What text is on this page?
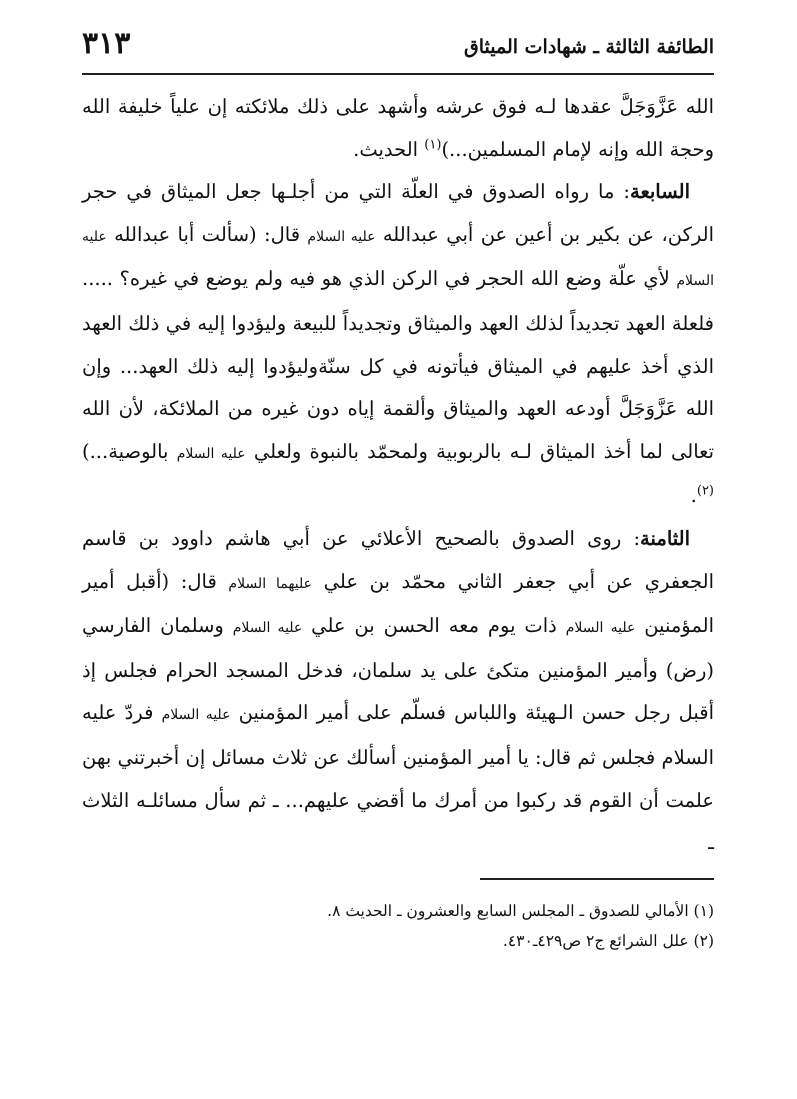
الطائفة الثالثة ـ شهادات الميثاق
٣١٣

الله عَزَّوَجَلَّ عقدها لـه فوق عرشه وأشهد على ذلك ملائكته إن علياً خليفة الله وحجة الله وإنه لإمام المسلمين...)$^{(١)}$ الحديث.

السابعة: ما رواه الصدوق في العلّة التي من أجلـها جعل الميثاق في حجر الركن، عن بكير بن أعين عن أبي عبدالله عليه السلام قال: (سألت أبا عبدالله عليه السلام لأي علّة وضع الله الحجر في الركن الذي هو فيه ولم يوضع في غيره؟ ..... فلعلة العهد تجديداً لذلك العهد والميثاق وتجديداً للبيعة وليؤدوا إليه في ذلك العهد الذي أخذ عليهم في الميثاق فيأتونه في كل سنّةوليؤدوا إليه ذلك العهد... وإن الله عَزَّوَجَلَّ أودعه العهد والميثاق وألقمة إياه دون غيره من الملائكة، لأن الله تعالى لما أخذ الميثاق لـه بالربوبية ولمحمّد بالنبوة ولعلي عليه السلام بالوصية...)$^{(٢)}$.

الثامنة: روى الصدوق بالصحيح الأعلائي عن أبي هاشم داوود بن قاسم الجعفري عن أبي جعفر الثاني محمّد بن علي عليهما السلام قال: (أقبل أمير المؤمنين عليه السلام ذات يوم معه الحسن بن علي عليه السلام وسلمان الفارسي (رض) وأمير المؤمنين متكئ على يد سلمان، فدخل المسجد الحرام فجلس إذ أقبل رجل حسن الـهيئة واللباس فسلّم على أمير المؤمنين عليه السلام فردّ عليه السلام فجلس ثم قال: يا أمير المؤمنين أسألك عن ثلاث مسائل إن أخبرتني بهن علمت أن القوم قد ركبوا من أمرك ما أقضي عليهم... ـ ثم سأل مسائلـه الثلاث ـ

(١) الأمالي للصدوق ـ المجلس السابع والعشرون ـ الحديث ٨.

(٢) علل الشرائع ج٢ ص٤٢٩ـ٤٣٠.
